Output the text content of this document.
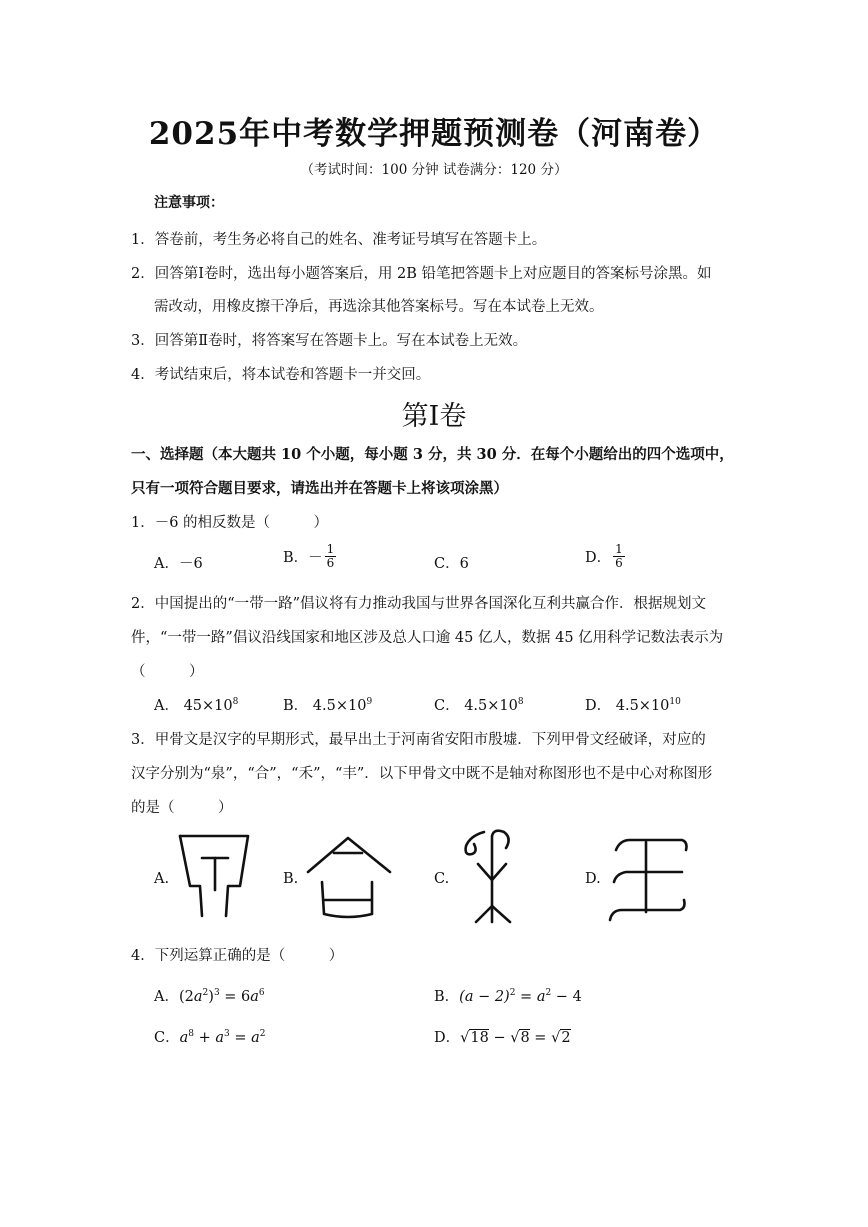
2025年中考数学押题预测卷（河南卷）
（考试时间：100 分钟 试卷满分：120 分）
注意事项：
1．答卷前，考生务必将自己的姓名、准考证号填写在答题卡上。
2．回答第Ⅰ卷时，选出每小题答案后，用 2B 铅笔把答题卡上对应题目的答案标号涂黑。如
需改动，用橡皮擦干净后，再选涂其他答案标号。写在本试卷上无效。
3．回答第Ⅱ卷时，将答案写在答题卡上。写在本试卷上无效。
4．考试结束后，将本试卷和答题卡一并交回。
第Ⅰ卷
一、选择题（本大题共 10 个小题，每小题 3 分，共 30 分．在每个小题给出的四个选项中，
只有一项符合题目要求，请选出并在答题卡上将该项涂黑）
1．－6 的相反数是（　　　）
A．－6	B．－ $\frac{1}{6}$	C．6	D． $\frac{1}{6}$
2．中国提出的“一带一路”倡议将有力推动我国与世界各国深化互利共赢合作．根据规划文
件，“一带一路”倡议沿线国家和地区涉及总人口逾 45 亿人，数据 45 亿用科学记数法表示为
（　　　）
A． $45\times 10^8$	B． $4.5\times 10^9$	C． $4.5\times 10^8$	D． $4.5\times 10^{10}$
3．甲骨文是汉字的早期形式，最早出土于河南省安阳市殷墟．下列甲骨文经破译，对应的
汉字分别为“泉”，“合”，“禾”，“丰”．以下甲骨文中既不是轴对称图形也不是中心对称图形
的是（　　　）
A.	B.	C.	D.
4．下列运算正确的是（　　　）
A．$(2a^2)^3 = 6a^6$	B．$(a - 2)^2 = a^2 - 4$
C．$a^8 + a^3 = a^2$	D．√18 − √8 = √2
